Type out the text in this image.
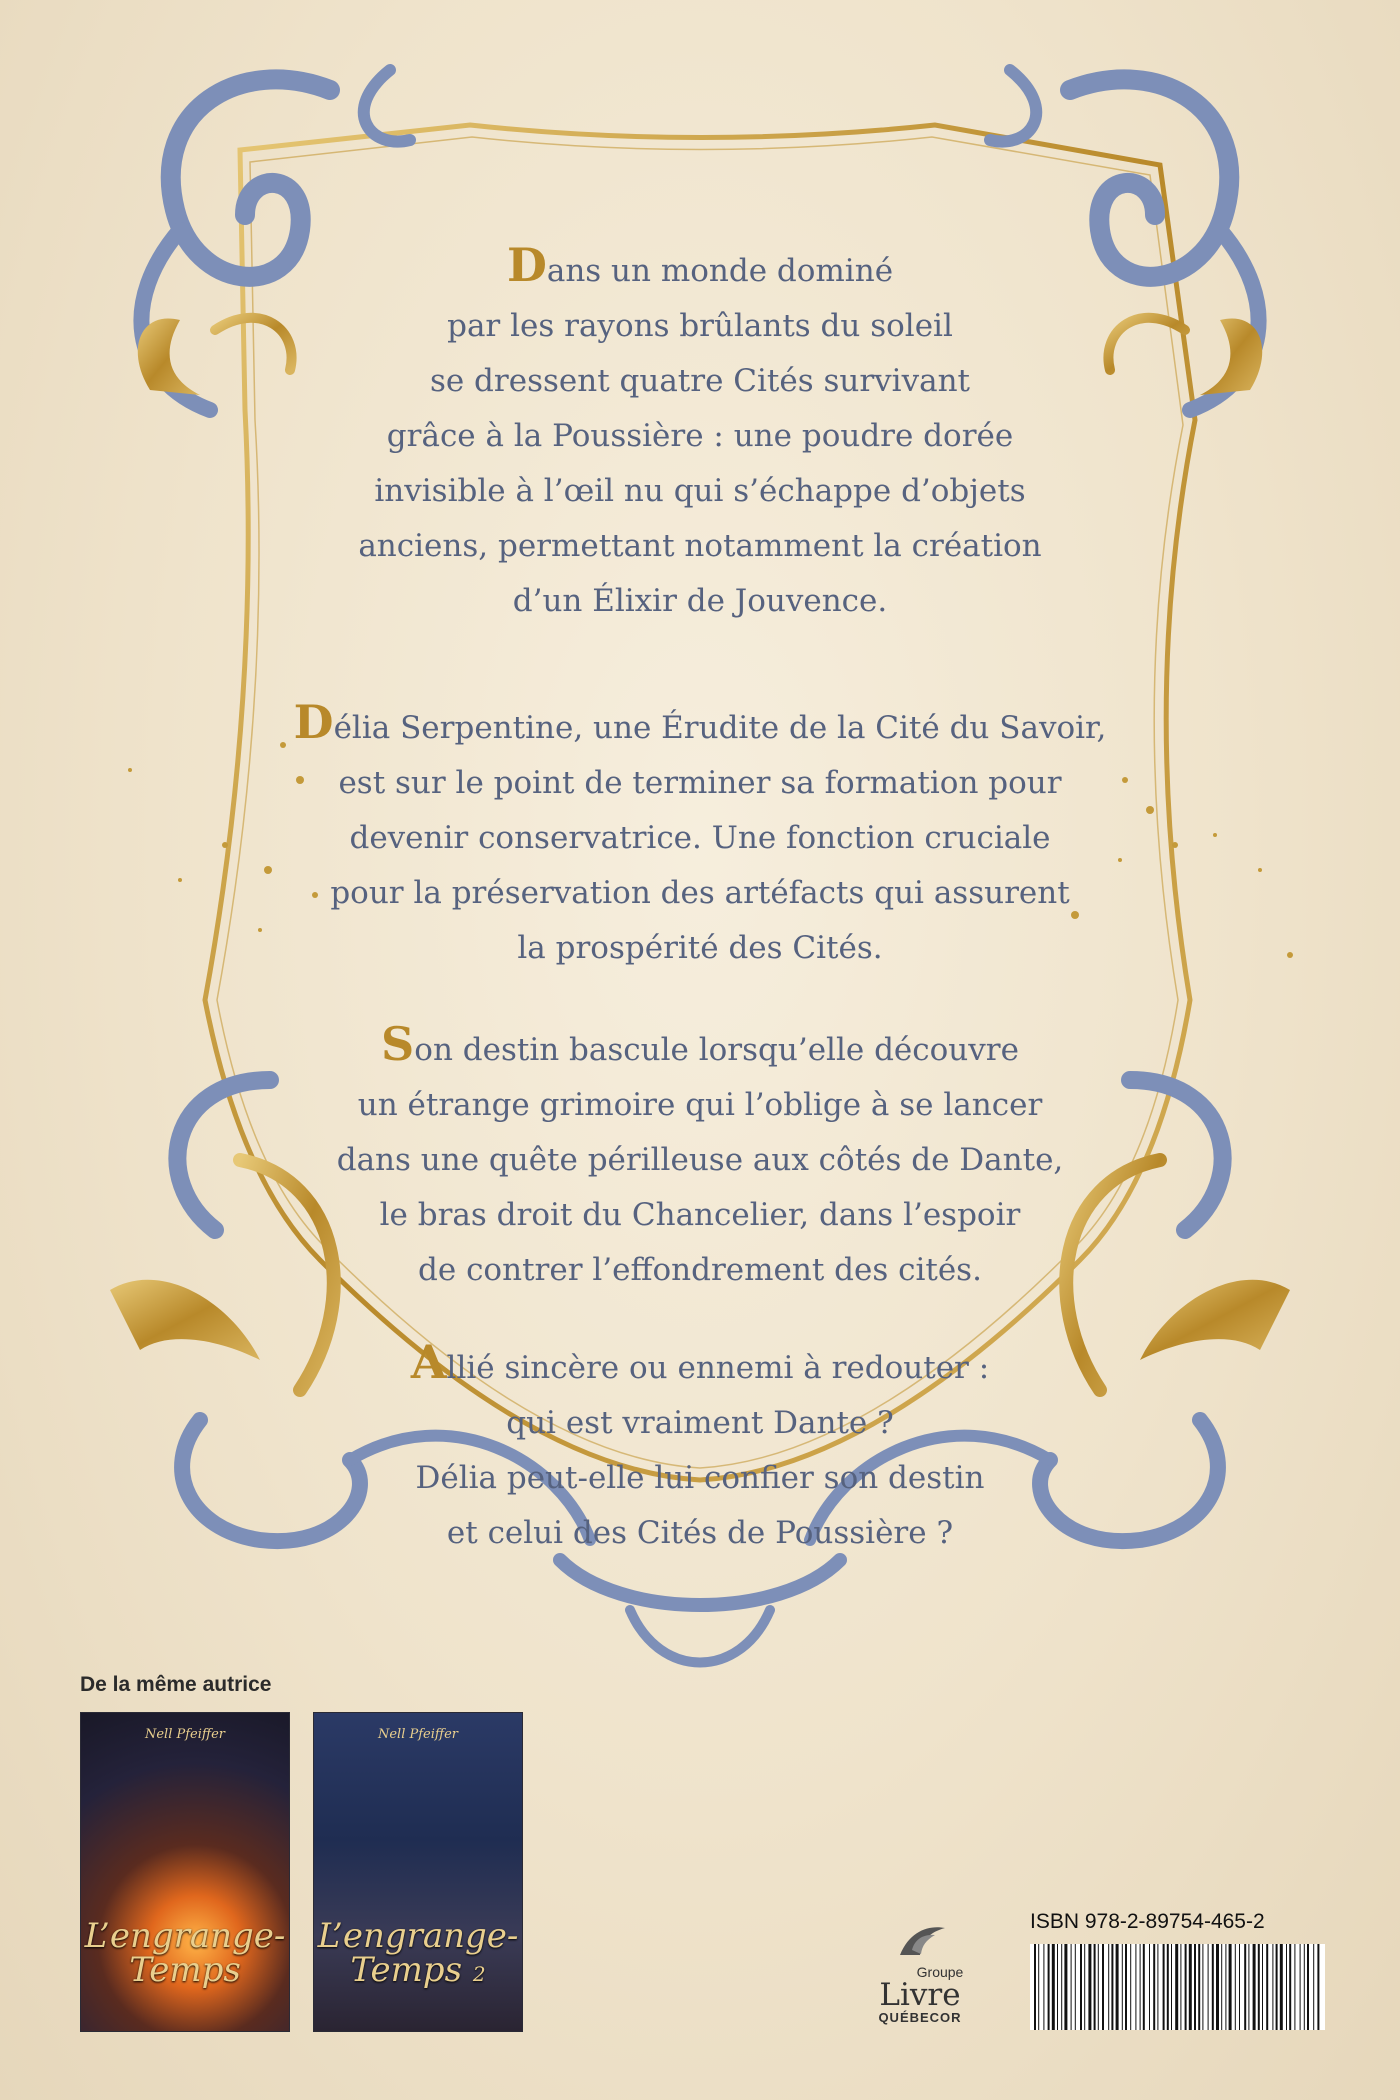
Dans un monde dominé

par les rayons brûlants du soleil

se dressent quatre Cités survivant

grâce à la Poussière : une poudre dorée

invisible à l’œil nu qui s’échappe d’objets

anciens, permettant notamment la création

d’un Élixir de Jouvence.

Délia Serpentine, une Érudite de la Cité du Savoir,

est sur le point de terminer sa formation pour

devenir conservatrice. Une fonction cruciale

pour la préservation des artéfacts qui assurent

la prospérité des Cités.

Son destin bascule lorsqu’elle découvre

un étrange grimoire qui l’oblige à se lancer

dans une quête périlleuse aux côtés de Dante,

le bras droit du Chancelier, dans l’espoir

de contrer l’effondrement des cités.

Allié sincère ou ennemi à redouter :

qui est vraiment Dante ?

Délia peut-elle lui confier son destin

et celui des Cités de Poussière ?

De la même autrice
Nell Pfeiffer
L’engrange-Temps
Nell Pfeiffer
L’engrange-Temps 2	Groupe
Livre
QUÉBECOR
ISBN 978-2-89754-465-2
